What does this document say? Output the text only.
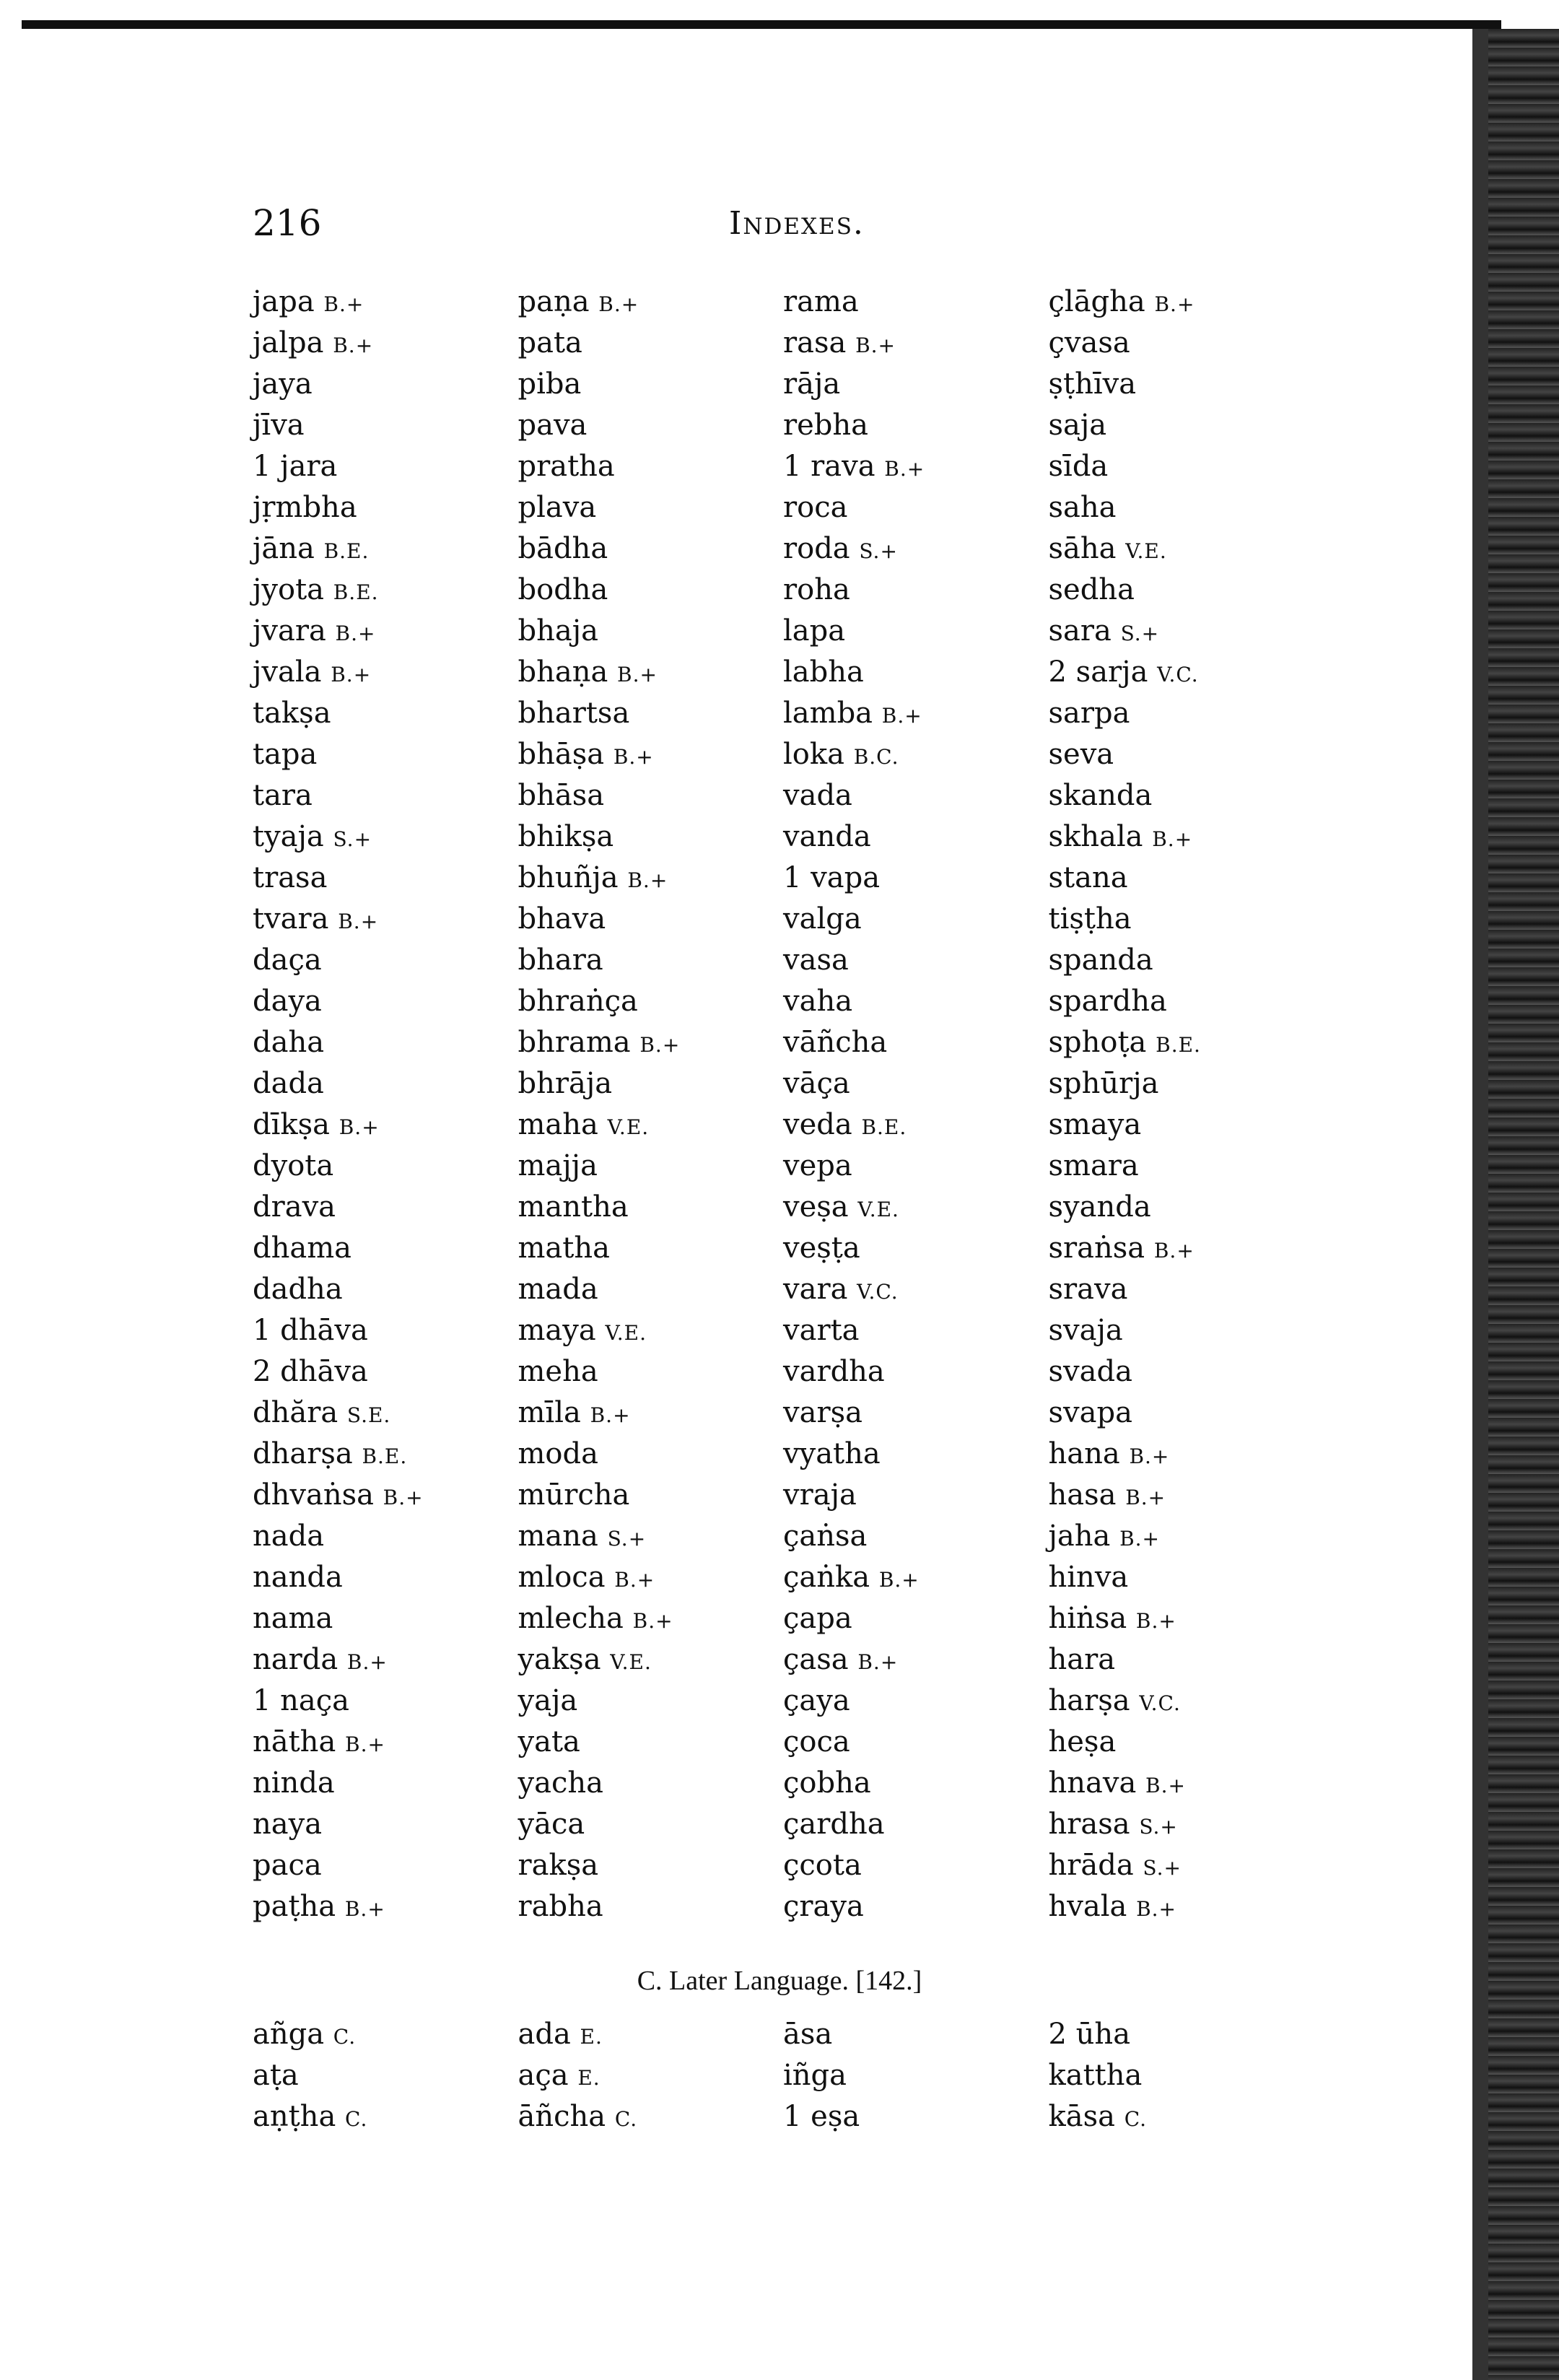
216	Indexes.
japa B.+
jalpa B.+
jaya
jīva
1 jara
jṛmbha
jāna B.E.
jyota B.E.
jvara B.+
jvala B.+
takṣa
tapa
tara
tyaja S.+
trasa
tvara B.+
daça
daya
daha
dada
dīkṣa B.+
dyota
drava
dhama
dadha
1 dhāva
2 dhāva
dhăra S.E.
dharṣa B.E.
dhvaṅsa B.+
nada
nanda
nama
narda B.+
1 naça
nātha B.+
ninda
naya
paca
paṭha B.+
paṇa B.+
pata
piba
pava
pratha
plava
bādha
bodha
bhaja
bhaṇa B.+
bhartsa
bhāṣa B.+
bhāsa
bhikṣa
bhuñja B.+
bhava
bhara
bhraṅça
bhrama B.+
bhrāja
maha V.E.
majja
mantha
matha
mada
maya V.E.
meha
mīla B.+
moda
mūrcha
mana S.+
mloca B.+
mlecha B.+
yakṣa V.E.
yaja
yata
yacha
yāca
rakṣa
rabha
rama
rasa B.+
rāja
rebha
1 rava B.+
roca
roda S.+
roha
lapa
labha
lamba B.+
loka B.C.
vada
vanda
1 vapa
valga
vasa
vaha
vāñcha
vāça
veda B.E.
vepa
veṣa V.E.
veṣṭa
vara V.C.
varta
vardha
varṣa
vyatha
vraja
çaṅsa
çaṅka B.+
çapa
çasa B.+
çaya
çoca
çobha
çardha
çcota
çraya
çlāgha B.+
çvasa
ṣṭhīva
saja
sīda
saha
sāha V.E.
sedha
sara S.+
2 sarja V.C.
sarpa
seva
skanda
skhala B.+
stana
tiṣṭha
spanda
spardha
sphoṭa B.E.
sphūrja
smaya
smara
syanda
sraṅsa B.+
srava
svaja
svada
svapa
hana B.+
hasa B.+
jaha B.+
hinva
hiṅsa B.+
hara
harṣa V.C.
heṣa
hnava B.+
hrasa S.+
hrāda S.+
hvala B.+
C. Later Language. [142.]
añga C.
aṭa
aṇṭha C.
ada E.
aça E.
āñcha C.
āsa
iñga
1 eṣa
2 ūha
kattha
kāsa C.
